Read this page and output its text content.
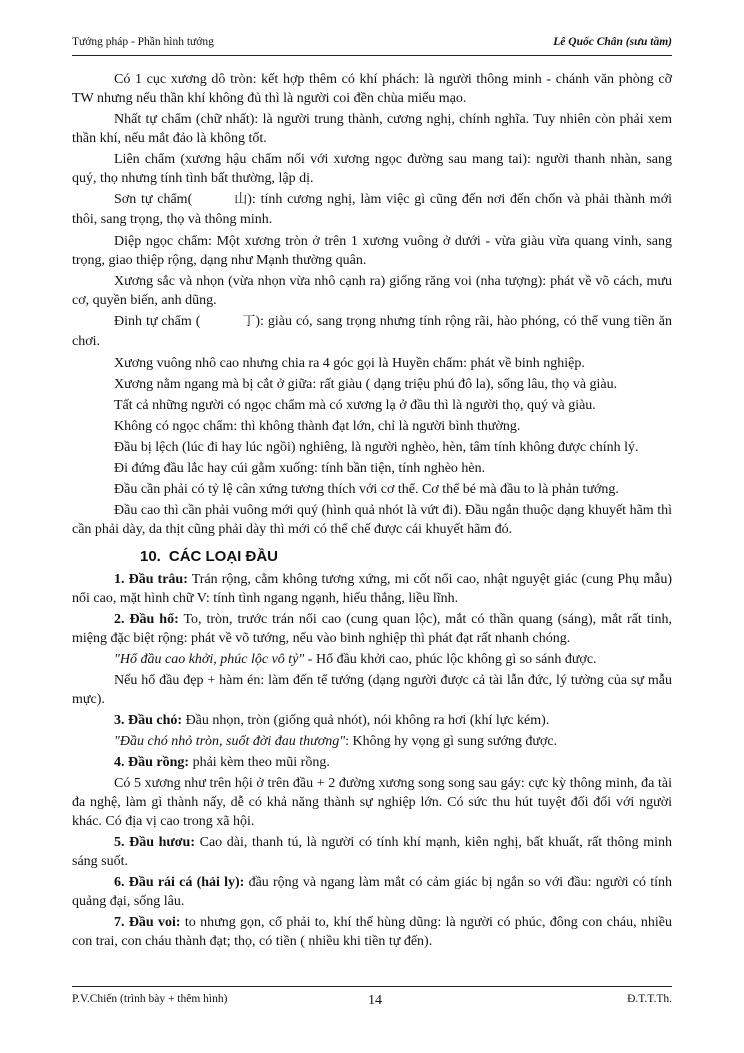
Tướng pháp - Phần hình tướng	Lê Quốc Chân (sưu tầm)

Có 1 cục xương dô tròn: kết hợp thêm có khí phách: là người thông minh - chánh văn phòng cỡ TW nhưng nếu thần khí không đủ thì là người coi đền chùa miếu mạo.

Nhất tự chẩm (chữ nhất): là người trung thành, cương nghị, chính nghĩa. Tuy nhiên còn phải xem thần khí, nếu mắt đảo là không tốt.

Liên chẩm (xương hậu chẩm nối với xương ngọc đường sau mang tai): người thanh nhàn, sang quý, thọ nhưng tính tình bất thường, lập dị.

Sơn tự chẩm(	山): tính cương nghị, làm việc gì cũng đến nơi đến chốn và phải thành mới thôi, sang trọng, thọ và thông minh.

Diệp ngọc chẩm: Một xương tròn ở trên 1 xương vuông ở dưới - vừa giàu vừa quang vinh, sang trọng, giao thiệp rộng, dạng như Mạnh thường quân.

Xương sắc và nhọn (vừa nhọn vừa nhô cạnh ra) giống răng voi (nha tượng): phát về võ cách, mưu cơ, quyền biến, anh dũng.

Đinh tự chẩm (	丁): giàu có, sang trọng nhưng tính rộng rãi, hào phóng, có thể vung tiền ăn chơi.

Xương vuông nhô cao nhưng chia ra 4 góc gọi là Huyền chẩm: phát về binh nghiệp.

Xương nằm ngang mà bị cắt ở giữa: rất giàu ( dạng triệu phú đô la), sống lâu, thọ và giàu.

Tất cả những người có ngọc chẩm mà có xương lạ ở đầu thì là người thọ, quý và giàu.

Không có ngọc chẩm: thì không thành đạt lớn, chỉ là người bình thường.

Đầu bị lệch (lúc đi hay lúc ngồi) nghiêng, là người nghèo, hèn, tâm tính không được chính lý.

Đi đứng đầu lắc hay cúi gằm xuống: tính bần tiện, tính nghèo hèn.

Đầu cần phải có tỷ lệ cân xứng tương thích với cơ thể. Cơ thể bé mà đầu to là phản tướng.

Đầu cao thì cần phải vuông mới quý (hình quả nhót là vứt đi). Đầu ngắn thuộc dạng khuyết hãm thì cần phải dày, da thịt cũng phải dày thì mới có thể chế được cái khuyết hãm đó.

10. CÁC LOẠI ĐẦU

1. Đầu trâu: Trán rộng, cằm không tương xứng, mi cốt nổi cao, nhật nguyệt giác (cung Phụ mẫu) nổi cao, mặt hình chữ V: tính tình ngang ngạnh, hiếu thắng, liều lĩnh.

2. Đầu hổ: To, tròn, trước trán nổi cao (cung quan lộc), mắt có thần quang (sáng), mắt rất tinh, miệng đặc biệt rộng: phát về võ tướng, nếu vào binh nghiệp thì phát đạt rất nhanh chóng.

"Hổ đầu cao khởi, phúc lộc vô tỷ" - Hổ đầu khởi cao, phúc lộc không gì so sánh được.

Nếu hổ đầu đẹp + hàm én: làm đến tể tướng (dạng người được cả tài lẫn đức, lý tưởng của sự mẫu mực).

3. Đầu chó: Đầu nhọn, tròn (giống quả nhót), nói không ra hơi (khí lực kém).

"Đầu chó nhỏ tròn, suốt đời đau thương": Không hy vọng gì sung sướng được.

4. Đầu rồng: phải kèm theo mũi rồng.

Có 5 xương như trên hội ở trên đầu + 2 đường xương song song sau gáy: cực kỳ thông minh, đa tài đa nghệ, làm gì thành nấy, dễ có khả năng thành sự nghiệp lớn. Có sức thu hút tuyệt đối đối với người khác. Có địa vị cao trong xã hội.

5. Đầu hươu: Cao dài, thanh tú, là người có tính khí mạnh, kiên nghị, bất khuất, rất thông minh sáng suốt.

6. Đầu rái cá (hải ly): đầu rộng và ngang làm mắt có cảm giác bị ngắn so với đầu: người có tính quảng đại, sống lâu.

7. Đầu voi: to nhưng gọn, cổ phải to, khí thế hùng dũng: là người có phúc, đông con cháu, nhiều con trai, con cháu thành đạt; thọ, có tiền ( nhiều khi tiền tự đến).

P.V.Chiến (trình bày + thêm hình)	14	Đ.T.T.Th.
